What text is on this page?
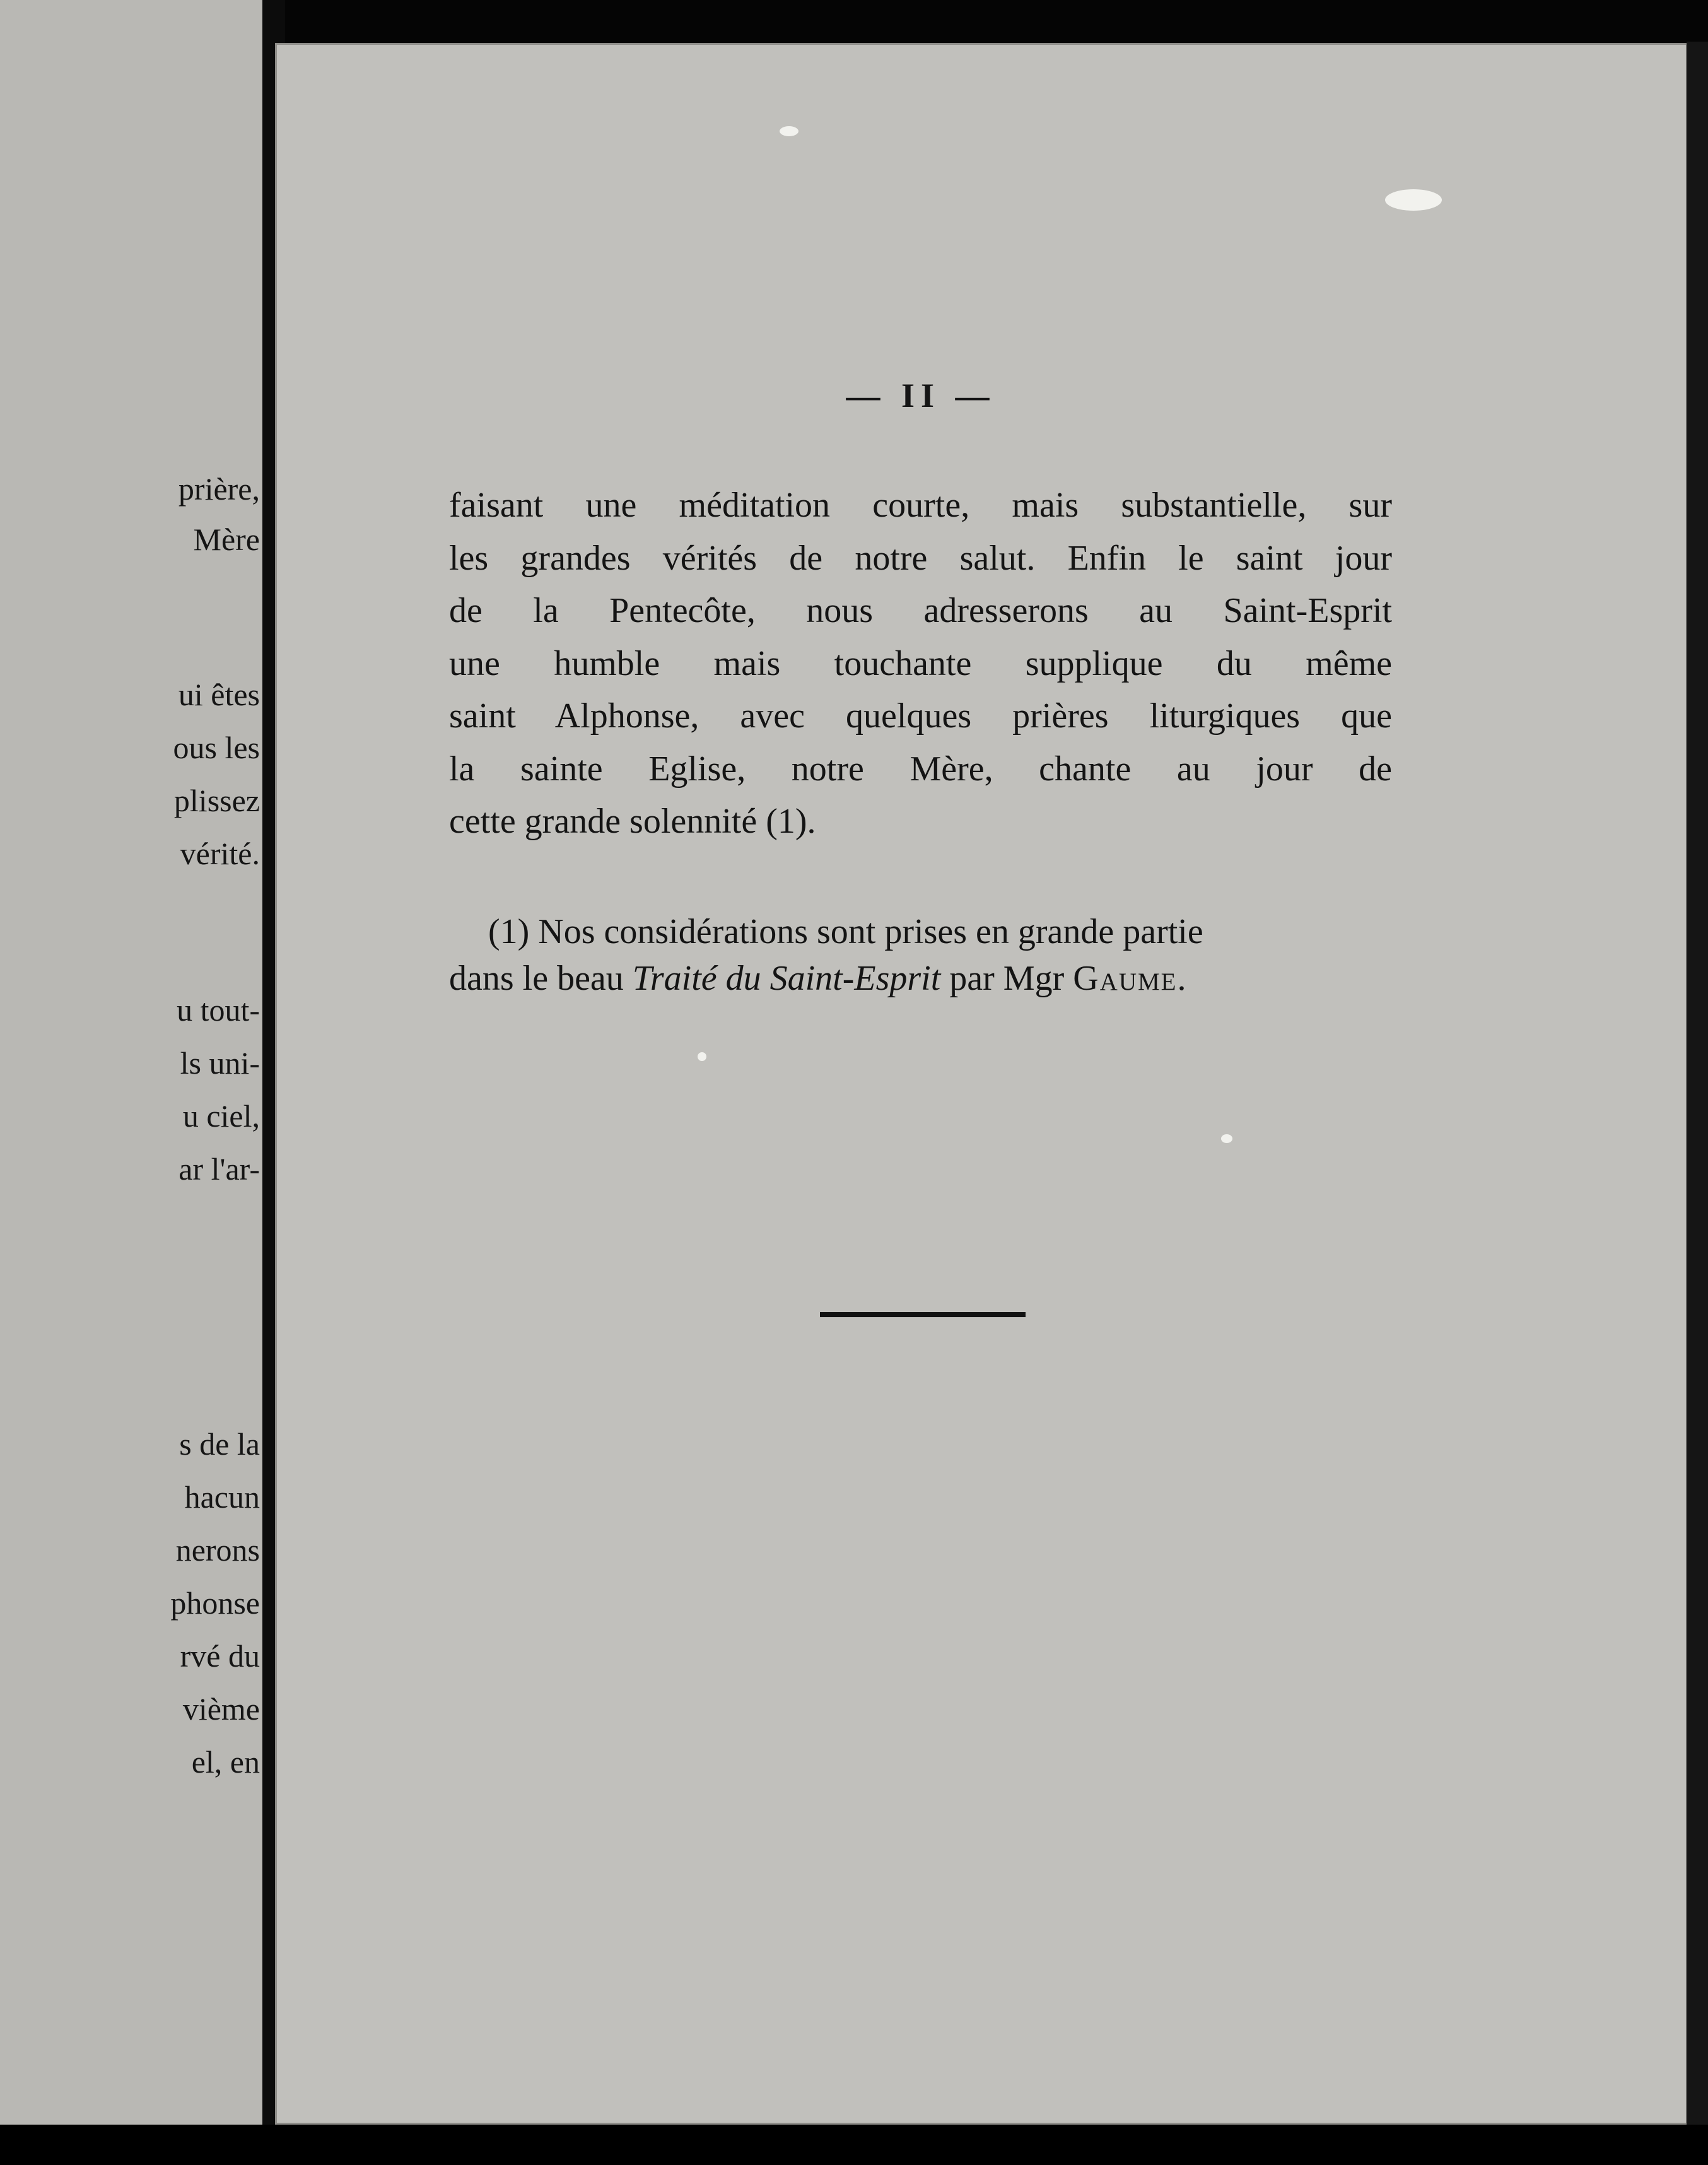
prière,
Mère
ui êtes
ous les
plissez
vérité.
u tout-
ls uni-
u ciel,
ar l'ar-
s de la
hacun
nerons
phonse
rvé du
vième
el, en
— II —
faisant une méditation courte, mais substantielle, sur
les grandes vérités de notre salut. Enfin le saint jour
de la Pentecôte, nous adresserons au Saint-Esprit
une humble mais touchante supplique du même
saint Alphonse, avec quelques prières liturgiques que
la sainte Eglise, notre Mère, chante au jour de
cette grande solennité (1).
(1) Nos considérations sont prises en grande partie
dans le beau Traité du Saint-Esprit par Mgr Gaume.
